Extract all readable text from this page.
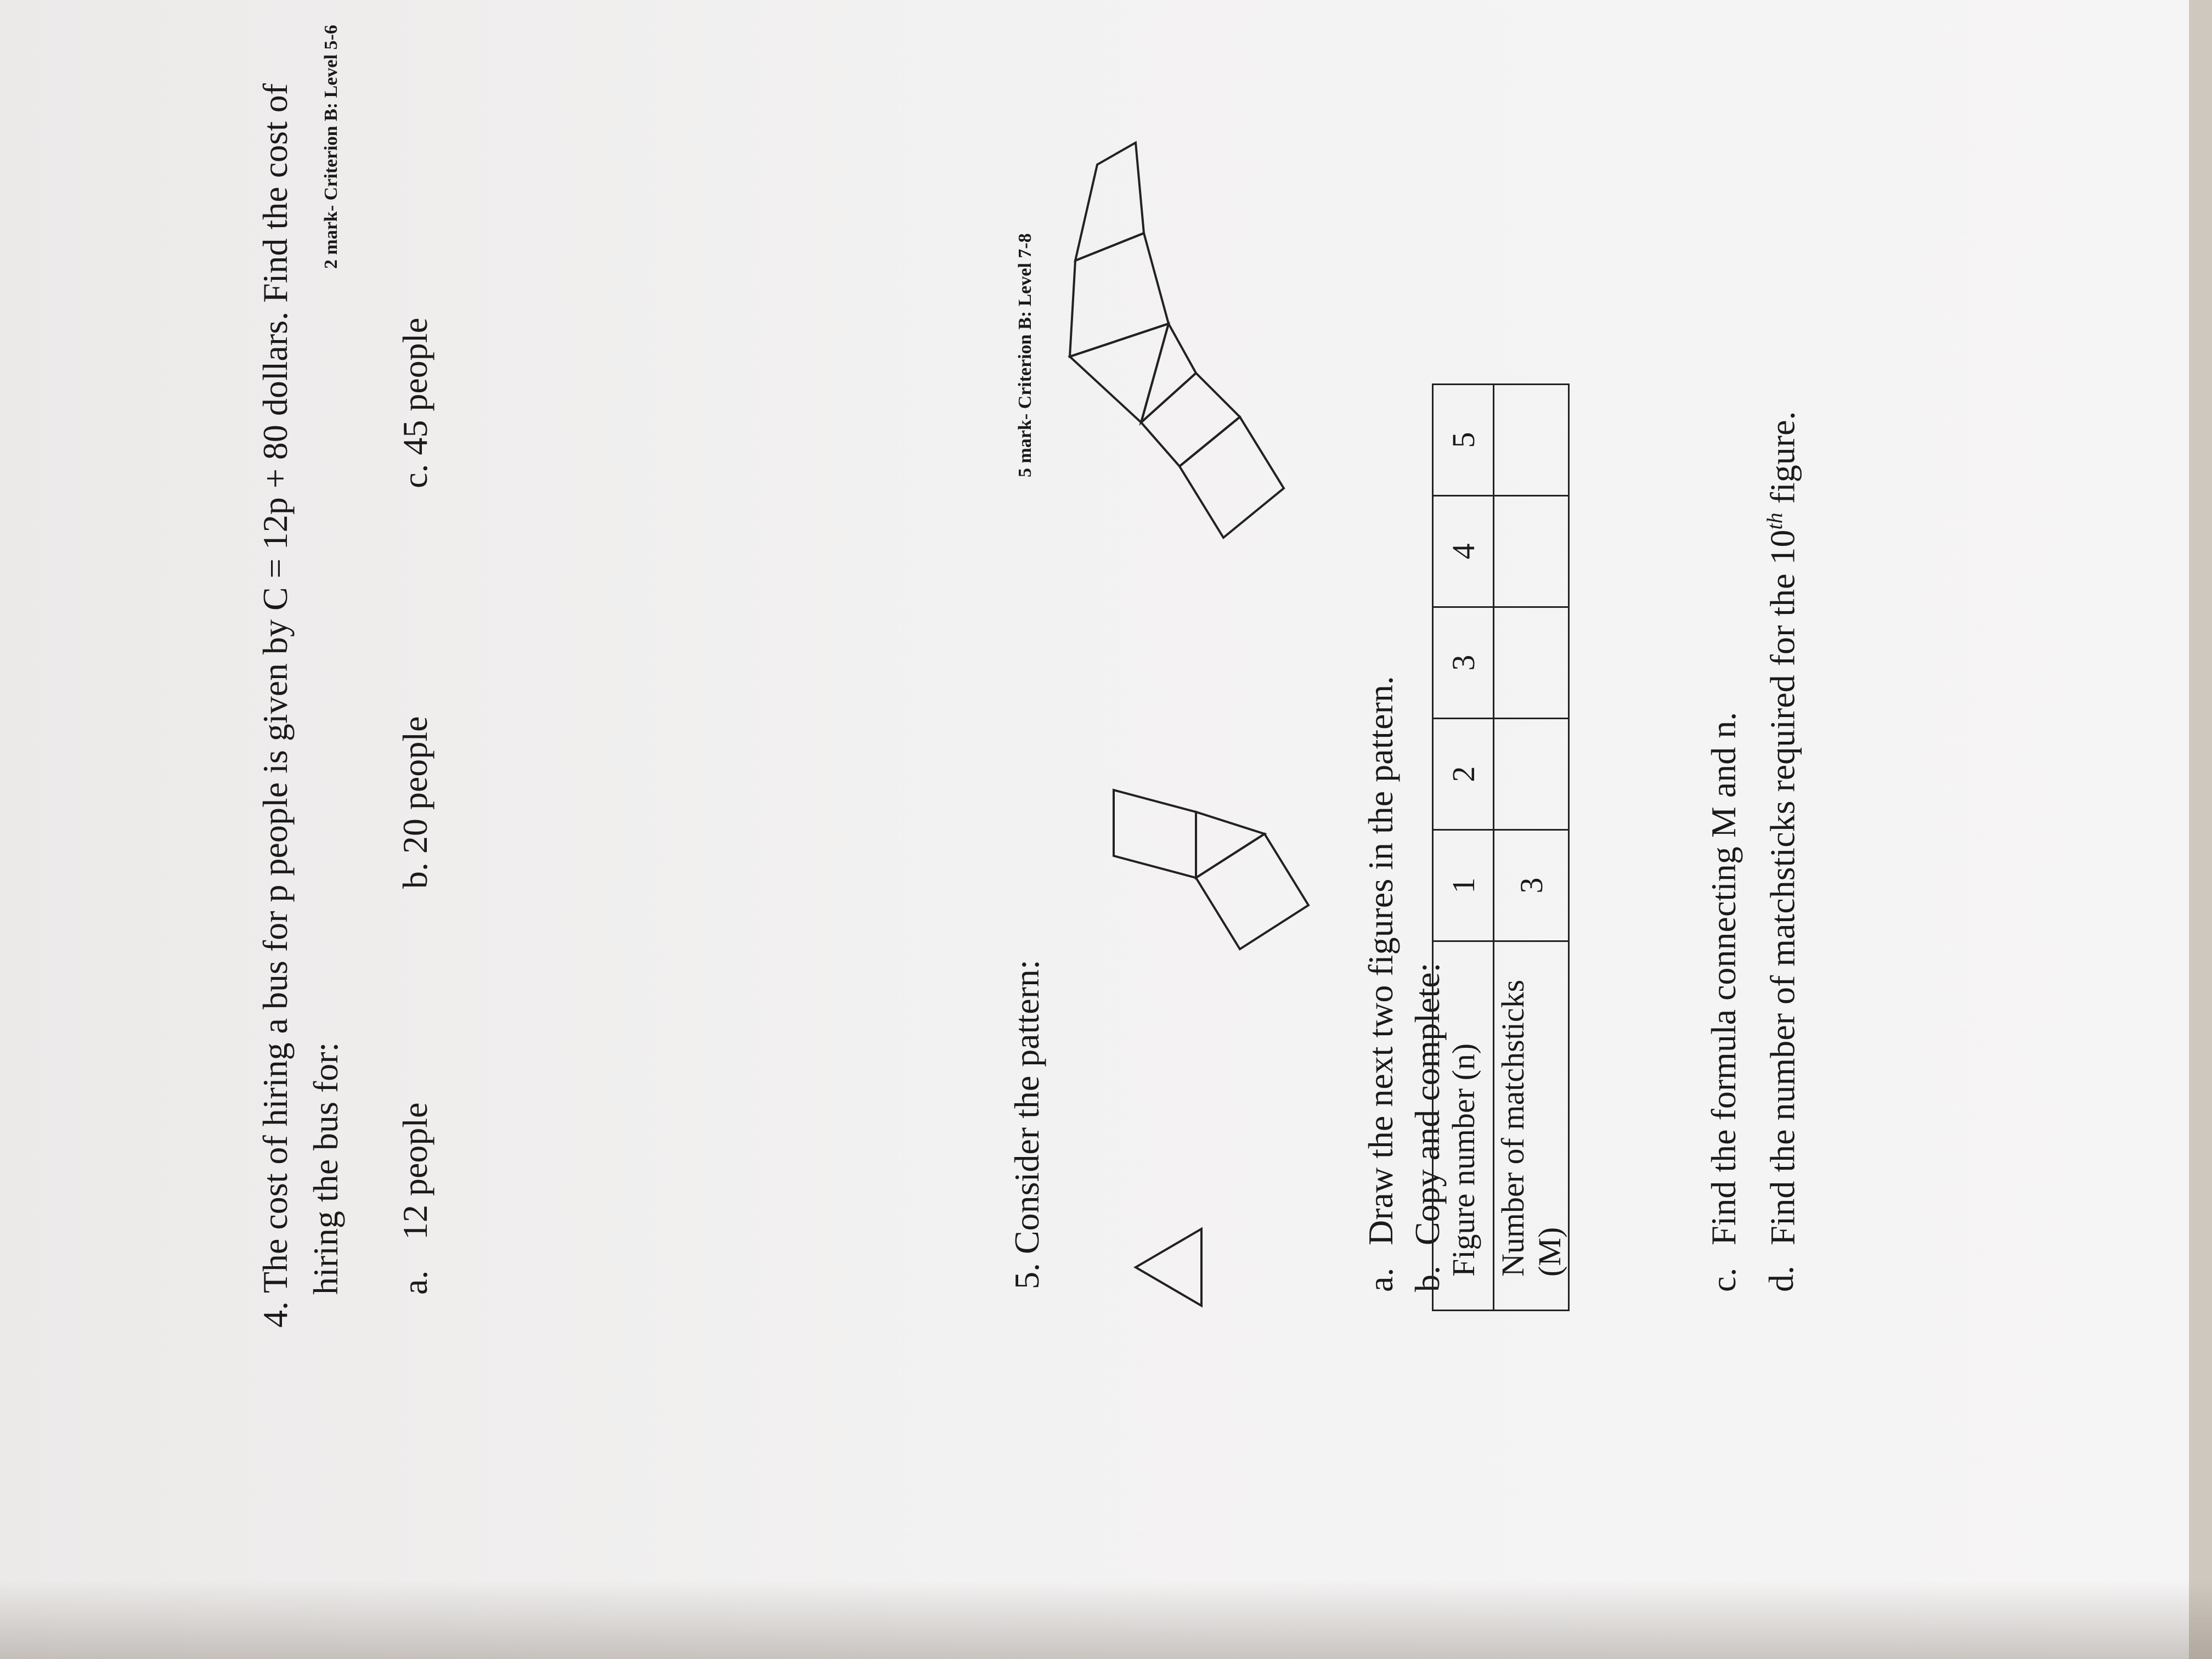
4. The cost of hiring a bus for p people is given by C = 12p + 80 dollars. Find the cost of hiring the bus for:
2 mark- Criterion B: Level 5-6
a.
12 people
b. 20 people
c. 45 people
5. Consider the pattern:
5 mark- Criterion B: Level 7-8
a.
Draw the next two figures in the pattern.
b.
Copy and complete:
Figure number (n)	1	2	3	4	5
Number of matchsticks (M)	3				
c.
Find the formula connecting M and n.
d.
Find the number of matchsticks required for the 10th figure.
